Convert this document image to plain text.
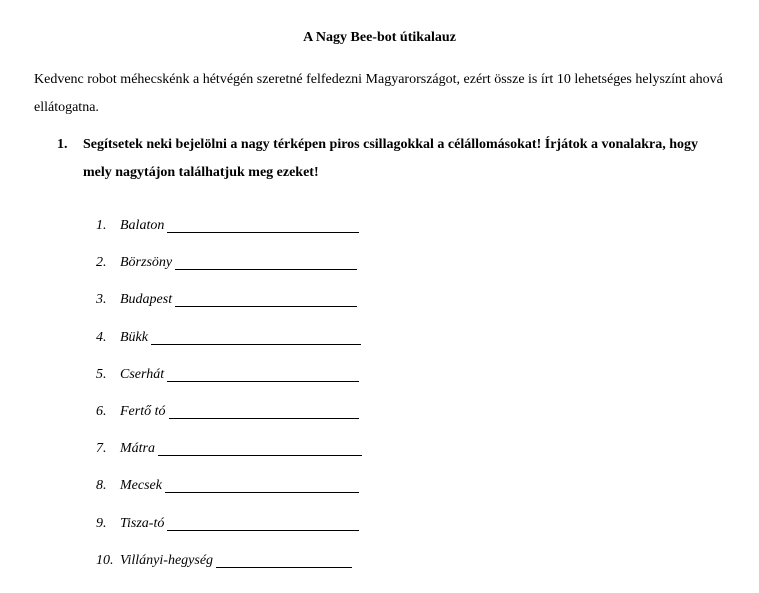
A Nagy Bee-bot útikalauz
Kedvenc robot méhecskénk a hétvégén szeretné felfedezni Magyarországot, ezért össze is írt 10 lehetséges helyszínt ahová ellátogatna.
1. Segítsetek neki bejelölni a nagy térképen piros csillagokkal a célállomásokat! Írjátok a vonalakra, hogy mely nagytájon találhatjuk meg ezeket!
1. Balaton
2. Börzsöny
3. Budapest
4. Bükk
5. Cserhát
6. Fertő tó
7. Mátra
8. Mecsek
9. Tisza-tó
10. Villányi-hegység
